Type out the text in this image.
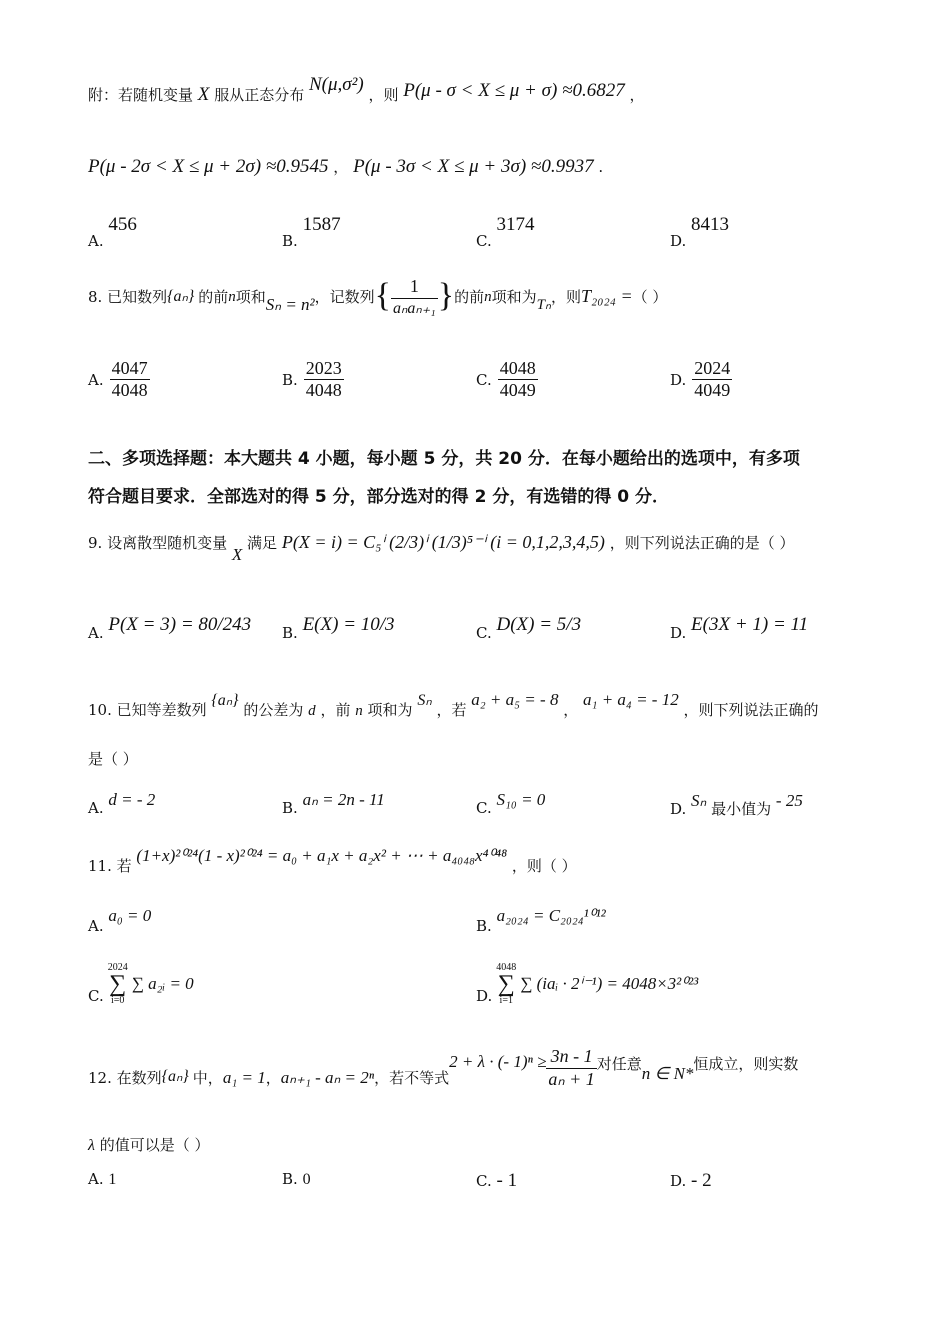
附：若随机变量 X 服从正态分布 N(μ,σ²) ，则 P(μ - σ < X ≤ μ + σ) ≈0.6827 ，
P(μ - 2σ < X ≤ μ + 2σ) ≈0.9545 ， P(μ - 3σ < X ≤ μ + 3σ) ≈0.9937 .
A. 456
B. 1587
C. 3174
D. 8413
8. 已知数列 {aₙ} 的前 n 项和 Sₙ = n² ，记数列 { $\frac{1}{\text{aₙaₙ₊₁}}$ } 的前 n 项和为 Tₙ ，则 T₂₀₂₄ = （ ）
A. $\frac{4047}{4048}$	B. $\frac{2023}{4048}$	C. $\frac{4048}{4049}$	D. $\frac{2024}{4049}$
二、多项选择题：本大题共 4 小题，每小题 5 分，共 20 分．在每小题给出的选项中，有多项
符合题目要求．全部选对的得 5 分，部分选对的得 2 分，有选错的得 0 分．
9. 设离散型随机变量 X 满足 P(X = i) = C₅ⁱ (2/3)ⁱ (1/3)⁵⁻ⁱ (i = 0,1,2,3,4,5) ，则下列说法正确的是（ ）
A. P(X = 3) = 80/243 B. E(X) = 10/3	C. D(X) = 5/3	D. E(3X + 1) = 11
10. 已知等差数列 {aₙ} 的公差为 d ，前 n 项和为 Sₙ ，若 a₂ + a₅ = - 8 ， a₁ + a₄ = - 12 ，则下列说法正确的
是（ ）
A. d = - 2	B. aₙ = 2n - 11	C. S₁₀ = 0	D. Sₙ 最小值为 - 25
11. 若 (1+x)²⁰²⁴(1 - x)²⁰²⁴ = a₀ + a₁x + a₂x² + ⋯ + a₄₀₄₈x⁴⁰⁴⁸ ，则（ ）
A. a₀ = 0
B. a₂₀₂₄ = C₂₀₂₄¹⁰¹²
C.
2024
∑
i=0
∑ a₂ᵢ = 0
D.
4048
∑
i=1
∑ (iaᵢ · 2ⁱ⁻¹) = 4048×3²⁰²³
12. 在数列 {aₙ} 中， a₁ = 1 ， aₙ₊₁ - aₙ = 2ⁿ ，若不等式
2 + λ · (- $1)^n \ge \frac{3n - 1}{\text{aₙ + 1}}$ 对任意 n ∈ N* 恒成立，则实数
λ 的值可以是（ ）
A. 1	B. 0	C. - 1	D. - 2
